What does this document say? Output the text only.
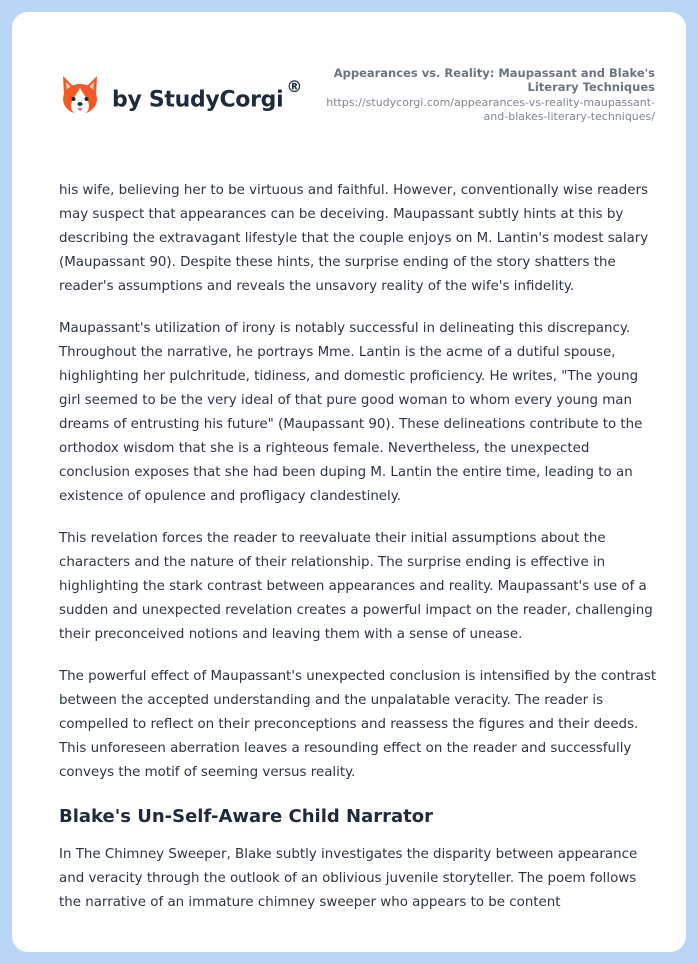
by StudyCorgi®
Appearances vs. Reality: Maupassant and Blake's Literary Techniques
https://studycorgi.com/appearances-vs-reality-maupassant-and-blakes-literary-techniques/

his wife, believing her to be virtuous and faithful. However, conventionally wise readers may suspect that appearances can be deceiving. Maupassant subtly hints at this by describing the extravagant lifestyle that the couple enjoys on M. Lantin's modest salary (Maupassant 90). Despite these hints, the surprise ending of the story shatters the reader's assumptions and reveals the unsavory reality of the wife's infidelity.

Maupassant's utilization of irony is notably successful in delineating this discrepancy. Throughout the narrative, he portrays Mme. Lantin is the acme of a dutiful spouse, highlighting her pulchritude, tidiness, and domestic proficiency. He writes, "The young girl seemed to be the very ideal of that pure good woman to whom every young man dreams of entrusting his future" (Maupassant 90). These delineations contribute to the orthodox wisdom that she is a righteous female. Nevertheless, the unexpected conclusion exposes that she had been duping M. Lantin the entire time, leading to an existence of opulence and profligacy clandestinely.

This revelation forces the reader to reevaluate their initial assumptions about the characters and the nature of their relationship. The surprise ending is effective in highlighting the stark contrast between appearances and reality. Maupassant's use of a sudden and unexpected revelation creates a powerful impact on the reader, challenging their preconceived notions and leaving them with a sense of unease.

The powerful effect of Maupassant's unexpected conclusion is intensified by the contrast between the accepted understanding and the unpalatable veracity. The reader is compelled to reflect on their preconceptions and reassess the figures and their deeds. This unforeseen aberration leaves a resounding effect on the reader and successfully conveys the motif of seeming versus reality.

Blake's Un-Self-Aware Child Narrator

In The Chimney Sweeper, Blake subtly investigates the disparity between appearance and veracity through the outlook of an oblivious juvenile storyteller. The poem follows the narrative of an immature chimney sweeper who appears to be content
